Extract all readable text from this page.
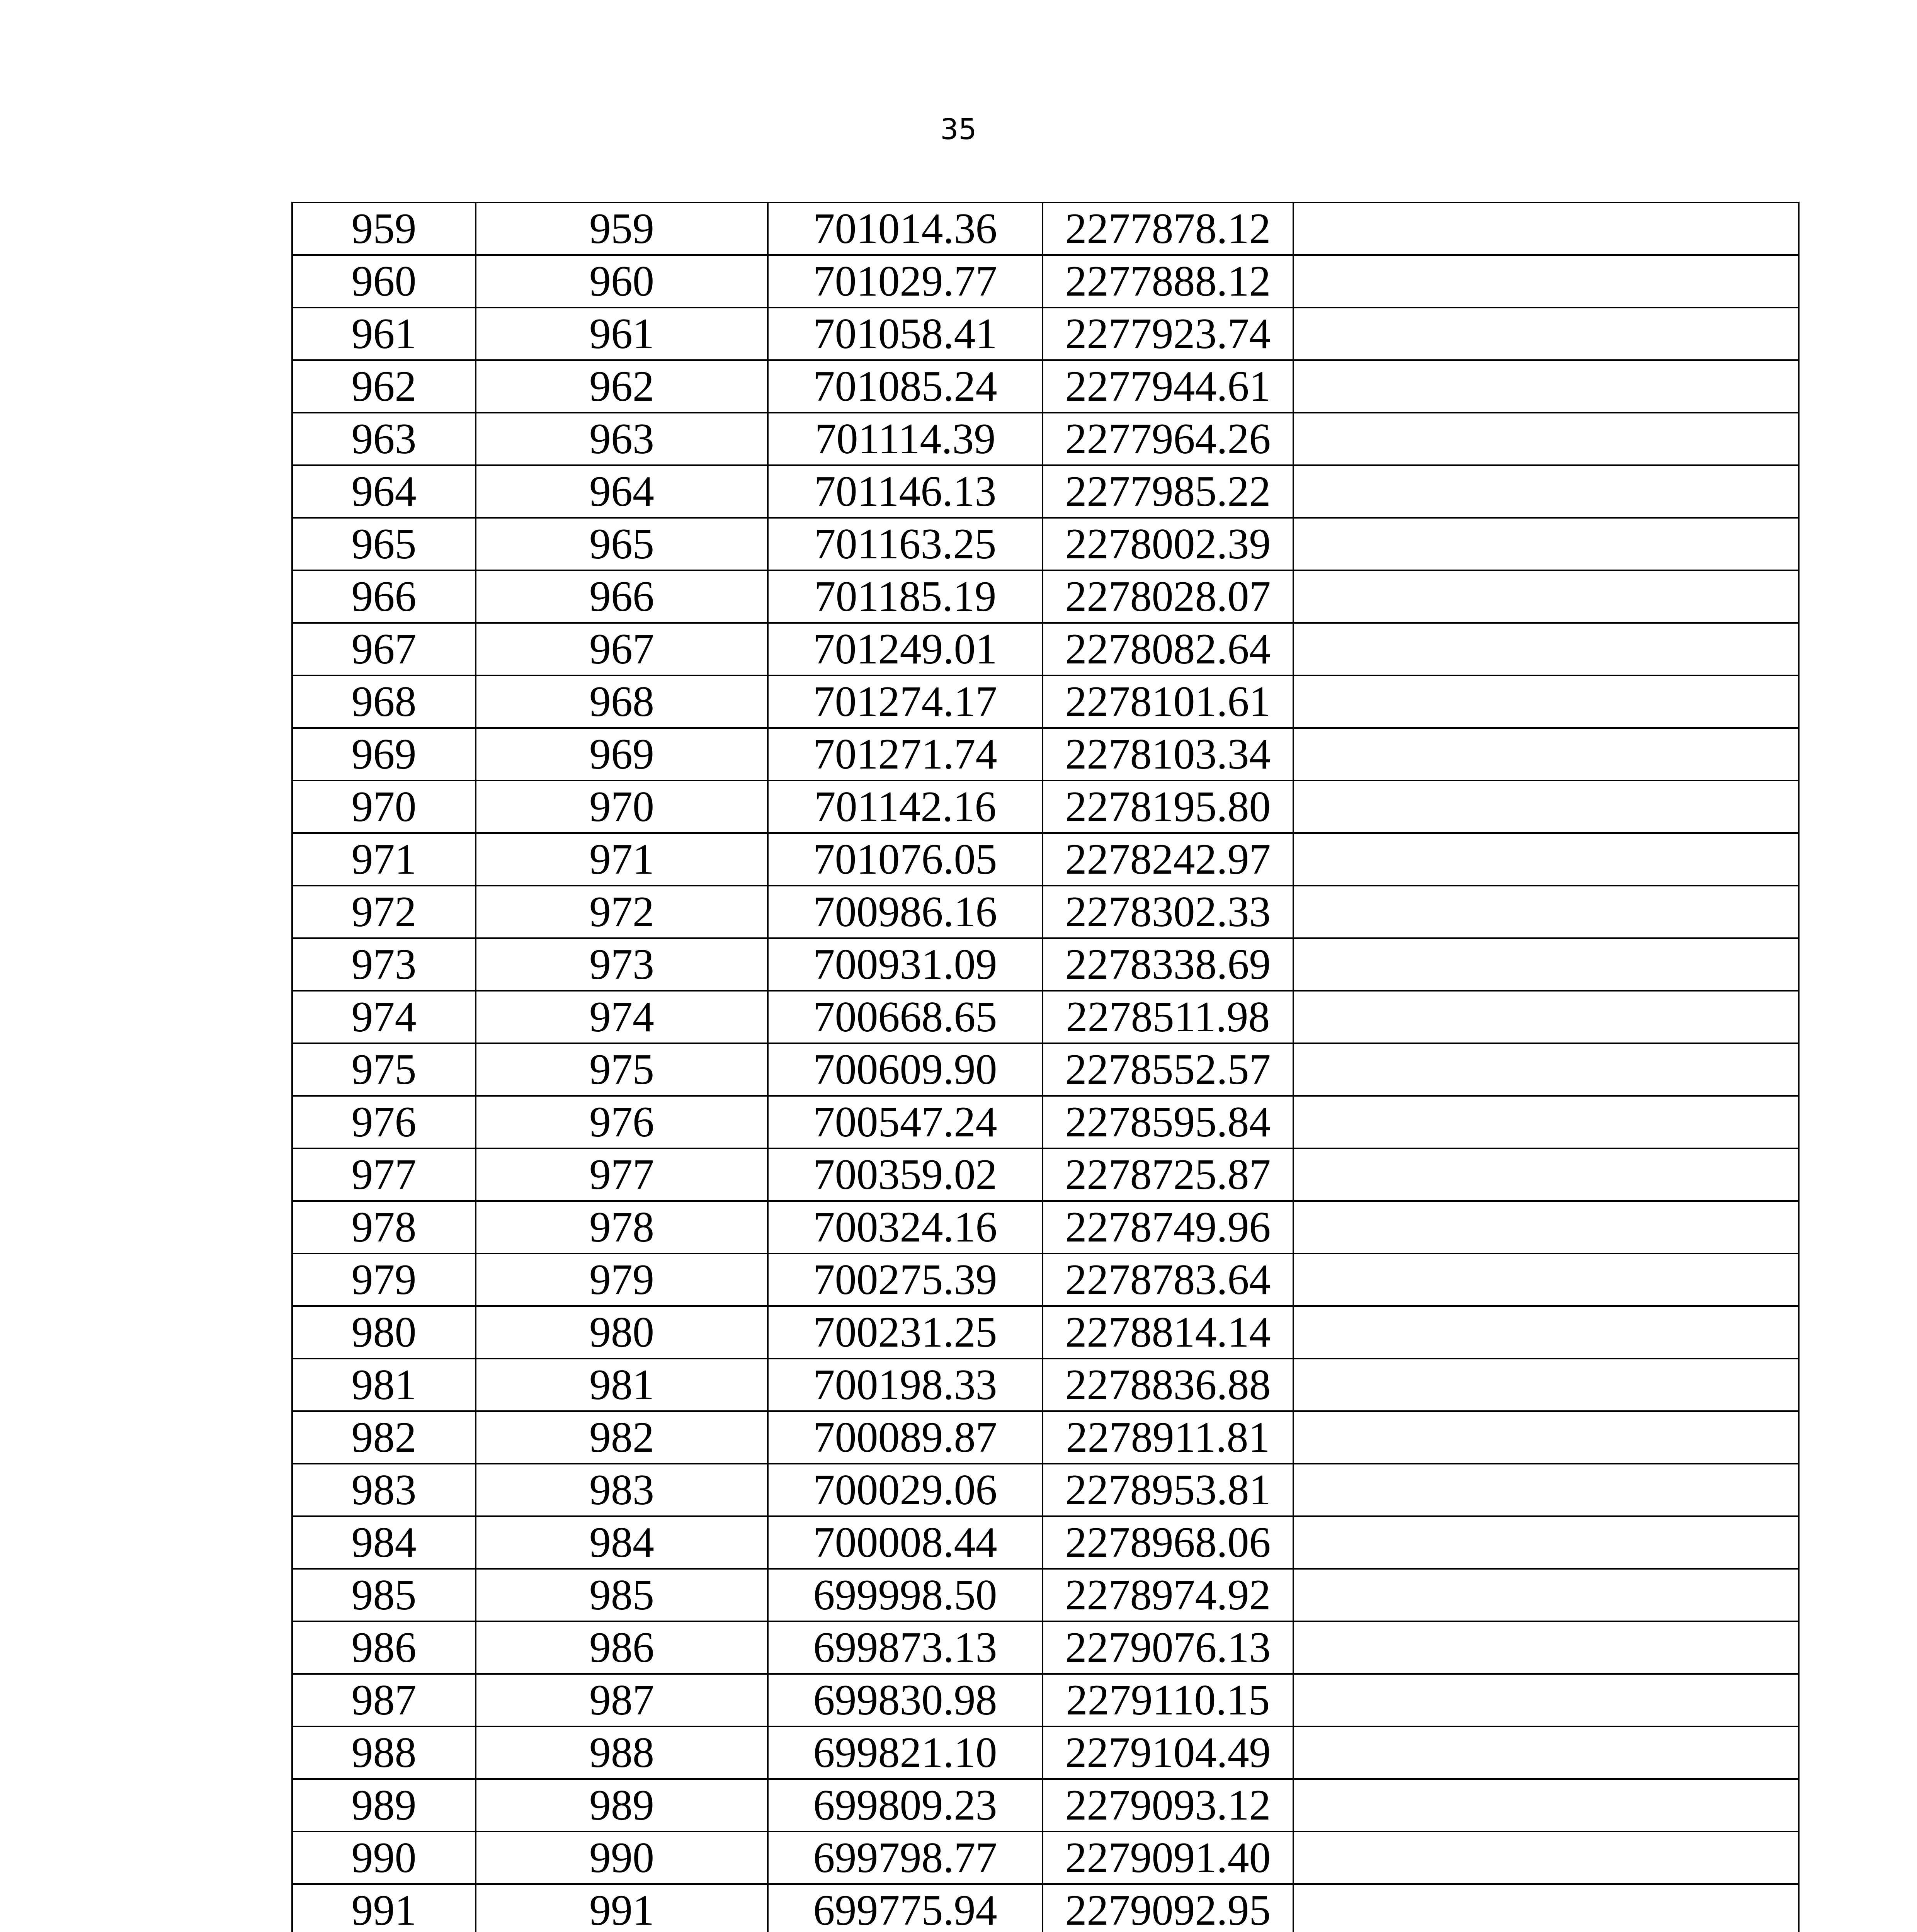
35
959	959	701014.36	2277878.12	
960	960	701029.77	2277888.12	
961	961	701058.41	2277923.74	
962	962	701085.24	2277944.61	
963	963	701114.39	2277964.26	
964	964	701146.13	2277985.22	
965	965	701163.25	2278002.39	
966	966	701185.19	2278028.07	
967	967	701249.01	2278082.64	
968	968	701274.17	2278101.61	
969	969	701271.74	2278103.34	
970	970	701142.16	2278195.80	
971	971	701076.05	2278242.97	
972	972	700986.16	2278302.33	
973	973	700931.09	2278338.69	
974	974	700668.65	2278511.98	
975	975	700609.90	2278552.57	
976	976	700547.24	2278595.84	
977	977	700359.02	2278725.87	
978	978	700324.16	2278749.96	
979	979	700275.39	2278783.64	
980	980	700231.25	2278814.14	
981	981	700198.33	2278836.88	
982	982	700089.87	2278911.81	
983	983	700029.06	2278953.81	
984	984	700008.44	2278968.06	
985	985	699998.50	2278974.92	
986	986	699873.13	2279076.13	
987	987	699830.98	2279110.15	
988	988	699821.10	2279104.49	
989	989	699809.23	2279093.12	
990	990	699798.77	2279091.40	
991	991	699775.94	2279092.95	
